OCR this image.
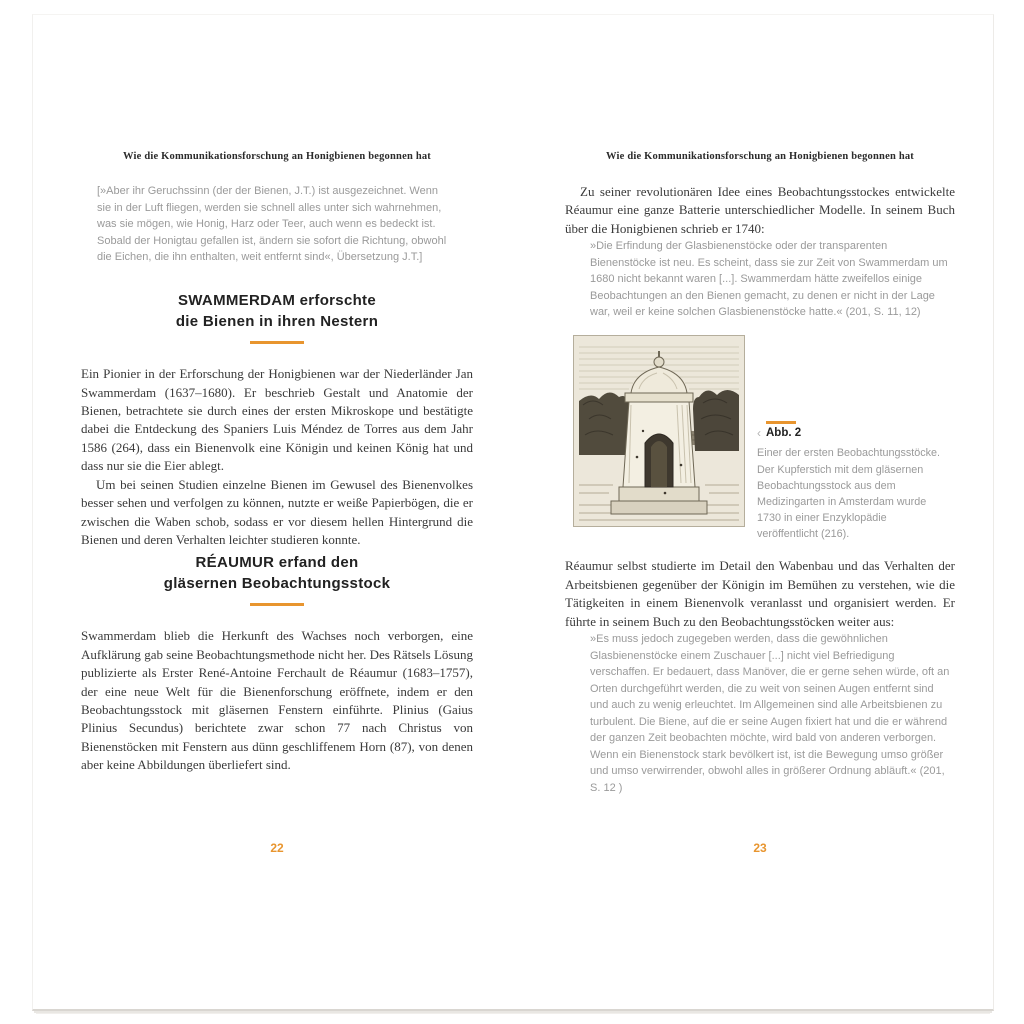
Wie die Kommunikationsforschung an Honigbienen begonnen hat
[»Aber ihr Geruchssinn (der der Bienen, J.T.) ist ausgezeichnet. Wenn sie in der Luft fliegen, werden sie schnell alles unter sich wahrnehmen, was sie mögen, wie Honig, Harz oder Teer, auch wenn es bedeckt ist. Sobald der Honigtau gefallen ist, ändern sie sofort die Richtung, obwohl die Eichen, die ihn enthalten, weit entfernt sind«, Übersetzung J.T.]
SWAMMERDAM erforschte
die Bienen in ihren Nestern

Ein Pionier in der Erforschung der Honigbienen war der Niederländer Jan Swammerdam (1637–1680). Er beschrieb Gestalt und Anatomie der Bienen, betrachtete sie durch eines der ersten Mikroskope und bestätigte dabei die Entdeckung des Spaniers Luis Méndez de Torres aus dem Jahr 1586 (264), dass ein Bienenvolk eine Königin und keinen König hat und dass nur sie die Eier ablegt.

Um bei seinen Studien einzelne Bienen im Gewusel des Bienenvolkes besser sehen und verfolgen zu können, nutzte er weiße Papierbögen, die er zwischen die Waben schob, sodass er vor diesem hellen Hintergrund die Bienen und deren Verhalten leichter studieren konnte.

RÉAUMUR erfand den
gläsernen Beobachtungsstock

Swammerdam blieb die Herkunft des Wachses noch verborgen, eine Aufklärung gab seine Beobachtungsmethode nicht her. Des Rätsels Lösung publizierte als Erster René-Antoine Ferchault de Réaumur (1683–1757), der eine neue Welt für die Bienenforschung eröffnete, indem er den Beobachtungsstock mit gläsernen Fenstern einführte. Plinius (Gaius Plinius Secundus) berichtete zwar schon 77 nach Christus von Bienenstöcken mit Fenstern aus dünn geschliffenem Horn (87), von denen aber keine Abbildungen überliefert sind.

Wie die Kommunikationsforschung an Honigbienen begonnen hat

Zu seiner revolutionären Idee eines Beobachtungsstockes entwickelte Réaumur eine ganze Batterie unterschiedlicher Modelle. In seinem Buch über die Honigbienen schrieb er 1740:

»Die Erfindung der Glasbienenstöcke oder der transparenten Bienenstöcke ist neu. Es scheint, dass sie zur Zeit von Swammerdam um 1680 nicht bekannt waren [...]. Swammerdam hätte zweifellos einige Beobachtungen an den Bienen gemacht, zu denen er nicht in der Lage war, weil er keine solchen Glasbienenstöcke hatte.« (201, S. 11, 12)
‹ Abb. 2
Einer der ersten Beobachtungsstöcke. Der Kupferstich mit dem gläsernen Beobachtungsstock aus dem Medizingarten in Amsterdam wurde 1730 in einer Enzyklopädie veröffentlicht (216).

Réaumur selbst studierte im Detail den Wabenbau und das Verhalten der Arbeitsbienen gegenüber der Königin im Bemühen zu verstehen, wie die Tätigkeiten in einem Bienenvolk veranlasst und organisiert werden. Er führte in seinem Buch zu den Beobachtungsstöcken weiter aus:

»Es muss jedoch zugegeben werden, dass die gewöhnlichen Glasbienenstöcke einem Zuschauer [...] nicht viel Befriedigung verschaffen. Er bedauert, dass Manöver, die er gerne sehen würde, oft an Orten durchgeführt werden, die zu weit von seinen Augen entfernt sind und auch zu wenig erleuchtet. Im Allgemeinen sind alle Arbeitsbienen zu turbulent. Die Biene, auf die er seine Augen fixiert hat und die er während der ganzen Zeit beobachten möchte, wird bald von anderen verborgen. Wenn ein Bienenstock stark bevölkert ist, ist die Bewegung umso größer und umso verwirrender, obwohl alles in größerer Ordnung abläuft.« (201, S. 12 )
22	23
